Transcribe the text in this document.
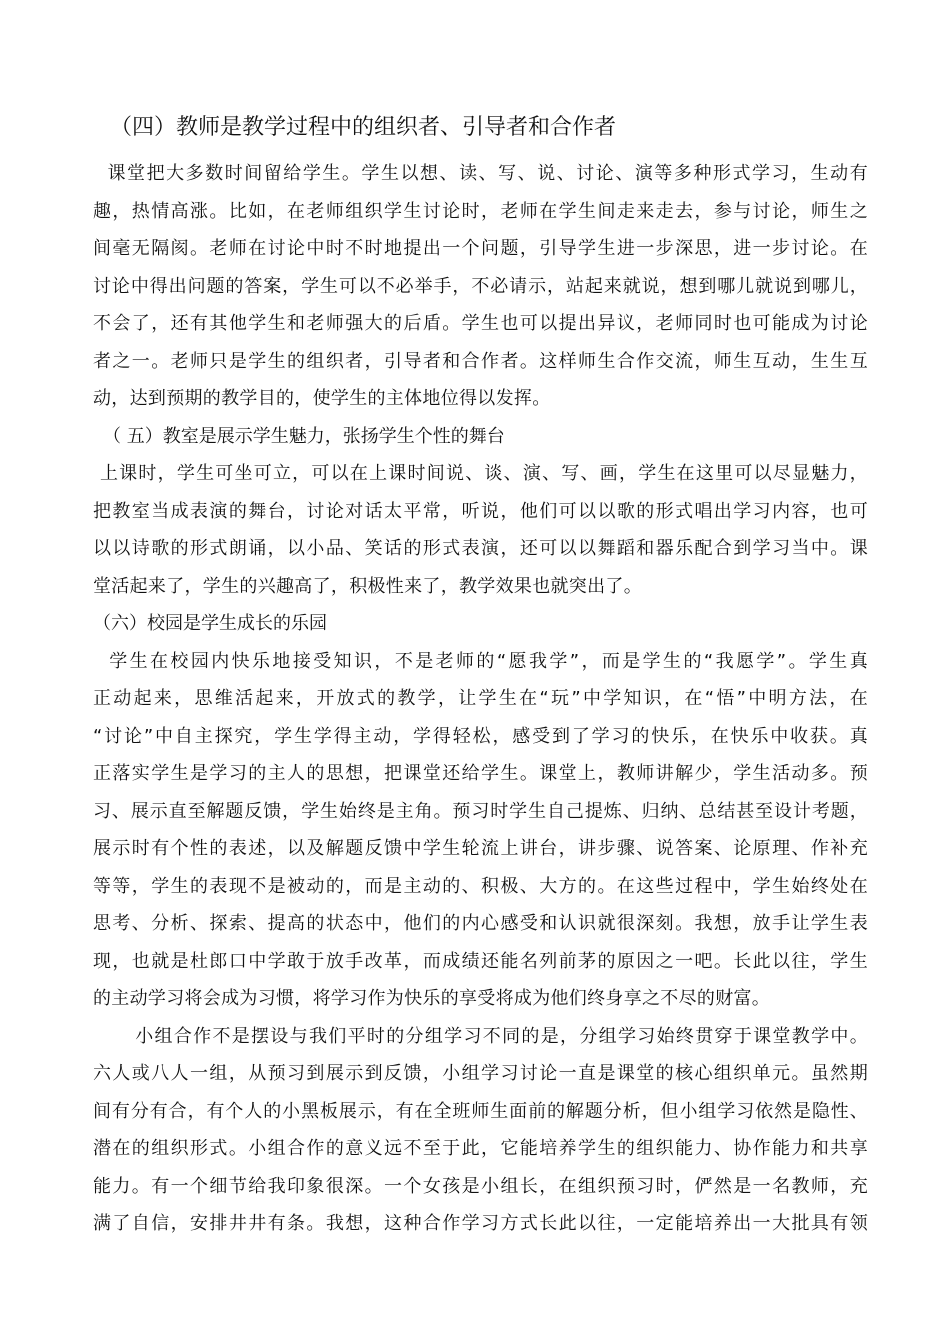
（四）教师是教学过程中的组织者、引导者和合作者
课堂把大多数时间留给学生。学生以想、读、写、说、讨论、演等多种形式学习，生动有
趣，热情高涨。比如，在老师组织学生讨论时，老师在学生间走来走去，参与讨论，师生之
间毫无隔阂。老师在讨论中时不时地提出一个问题，引导学生进一步深思，进一步讨论。在
讨论中得出问题的答案，学生可以不必举手，不必请示，站起来就说，想到哪儿就说到哪儿，
不会了，还有其他学生和老师强大的后盾。学生也可以提出异议，老师同时也可能成为讨论
者之一。老师只是学生的组织者，引导者和合作者。这样师生合作交流，师生互动，生生互
动，达到预期的教学目的，使学生的主体地位得以发挥。
（ 五）教室是展示学生魅力，张扬学生个性的舞台
上课时，学生可坐可立，可以在上课时间说、谈、演、写、画，学生在这里可以尽显魅力，
把教室当成表演的舞台，讨论对话太平常，听说，他们可以以歌的形式唱出学习内容，也可
以以诗歌的形式朗诵，以小品、笑话的形式表演，还可以以舞蹈和器乐配合到学习当中。课
堂活起来了，学生的兴趣高了，积极性来了，教学效果也就突出了。
（六）校园是学生成长的乐园
学生在校园内快乐地接受知识，不是老师的“愿我学”，而是学生的“我愿学”。学生真
正动起来，思维活起来，开放式的教学，让学生在“玩”中学知识，在“悟”中明方法，在
“讨论”中自主探究，学生学得主动，学得轻松，感受到了学习的快乐，在快乐中收获。真
正落实学生是学习的主人的思想，把课堂还给学生。课堂上，教师讲解少，学生活动多。预
习、展示直至解题反馈，学生始终是主角。预习时学生自己提炼、归纳、总结甚至设计考题，
展示时有个性的表述，以及解题反馈中学生轮流上讲台，讲步骤、说答案、论原理、作补充
等等，学生的表现不是被动的，而是主动的、积极、大方的。在这些过程中，学生始终处在
思考、分析、探索、提高的状态中，他们的内心感受和认识就很深刻。我想，放手让学生表
现，也就是杜郎口中学敢于放手改革，而成绩还能名列前茅的原因之一吧。长此以往，学生
的主动学习将会成为习惯，将学习作为快乐的享受将成为他们终身享之不尽的财富。
小组合作不是摆设与我们平时的分组学习不同的是，分组学习始终贯穿于课堂教学中。
六人或八人一组，从预习到展示到反馈，小组学习讨论一直是课堂的核心组织单元。虽然期
间有分有合，有个人的小黑板展示，有在全班师生面前的解题分析，但小组学习依然是隐性、
潜在的组织形式。小组合作的意义远不至于此，它能培养学生的组织能力、协作能力和共享
能力。有一个细节给我印象很深。一个女孩是小组长，在组织预习时，俨然是一名教师，充
满了自信，安排井井有条。我想，这种合作学习方式长此以往，一定能培养出一大批具有领
